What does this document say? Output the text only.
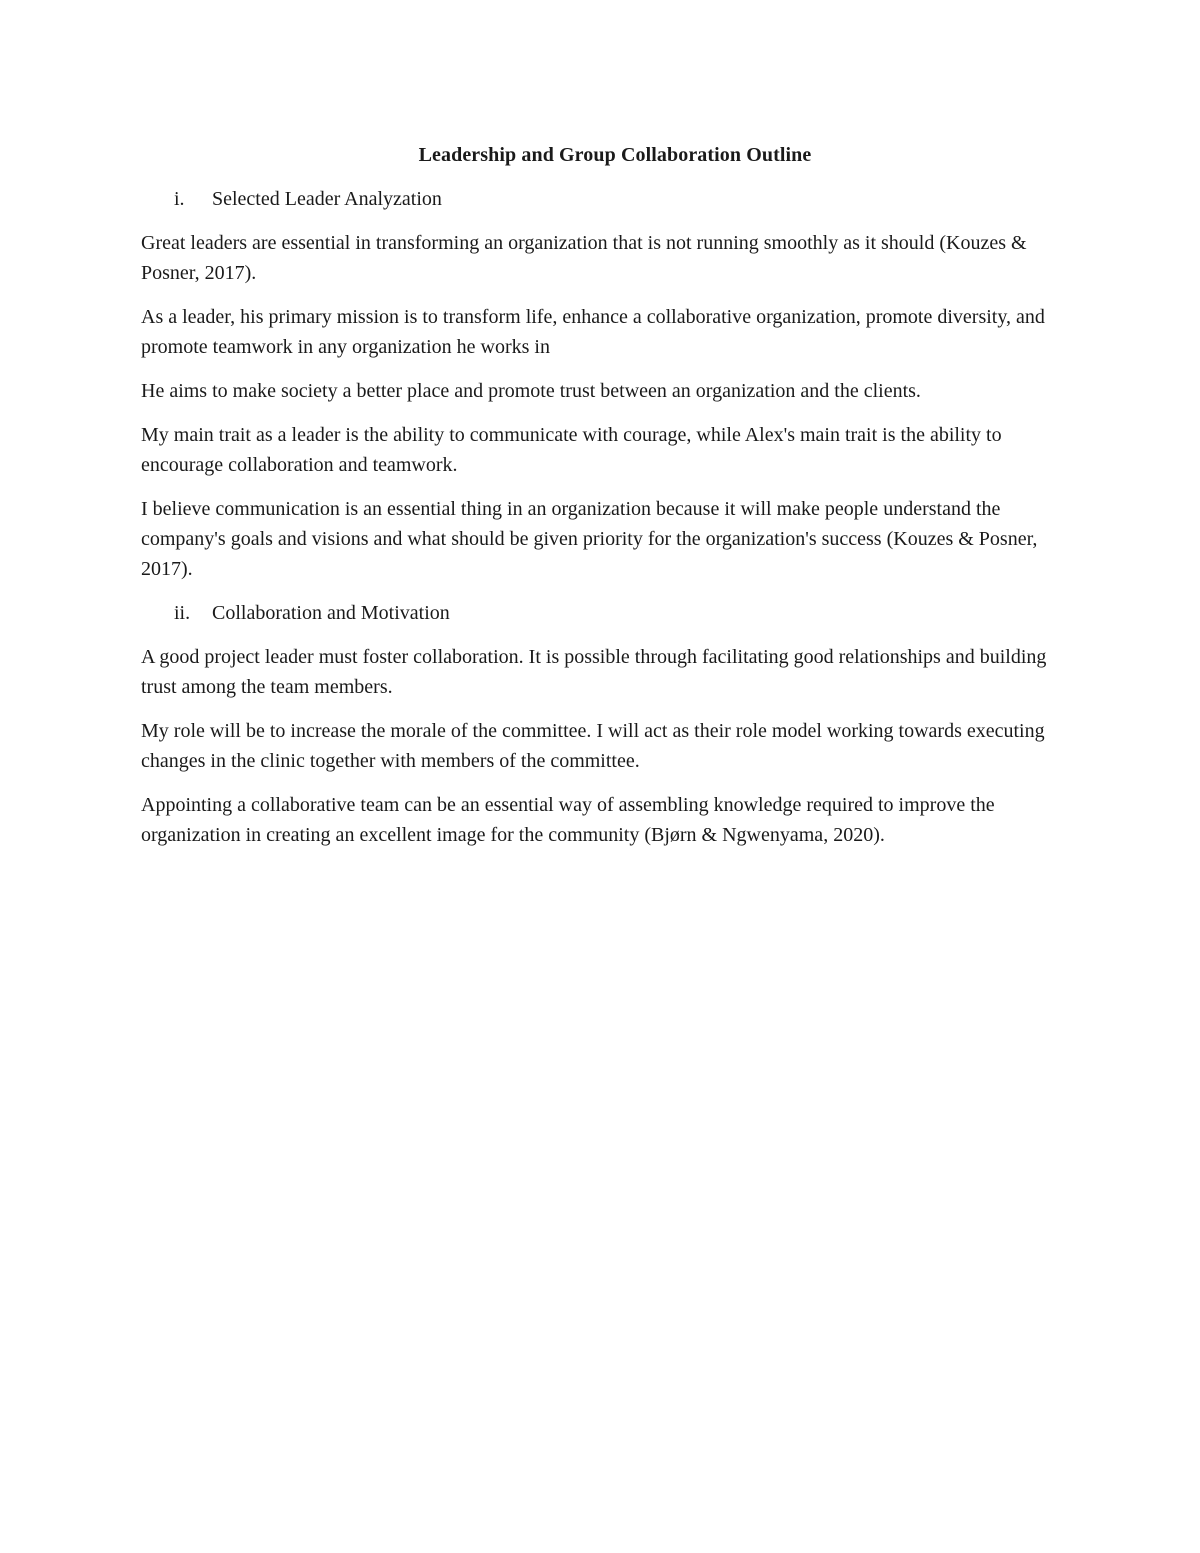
Leadership and Group Collaboration Outline
i.	Selected Leader Analyzation

Great leaders are essential in transforming an organization that is not running smoothly as it should (Kouzes & Posner, 2017).

As a leader, his primary mission is to transform life, enhance a collaborative organization, promote diversity, and promote teamwork in any organization he works in

He aims to make society a better place and promote trust between an organization and the clients.

My main trait as a leader is the ability to communicate with courage, while Alex's main trait is the ability to encourage collaboration and teamwork.

I believe communication is an essential thing in an organization because it will make people understand the company's goals and visions and what should be given priority for the organization's success (Kouzes & Posner, 2017).

ii.	Collaboration and Motivation

A good project leader must foster collaboration. It is possible through facilitating good relationships and building trust among the team members.

My role will be to increase the morale of the committee. I will act as their role model working towards executing changes in the clinic together with members of the committee.

Appointing a collaborative team can be an essential way of assembling knowledge required to improve the organization in creating an excellent image for the community (Bjørn & Ngwenyama, 2020).
